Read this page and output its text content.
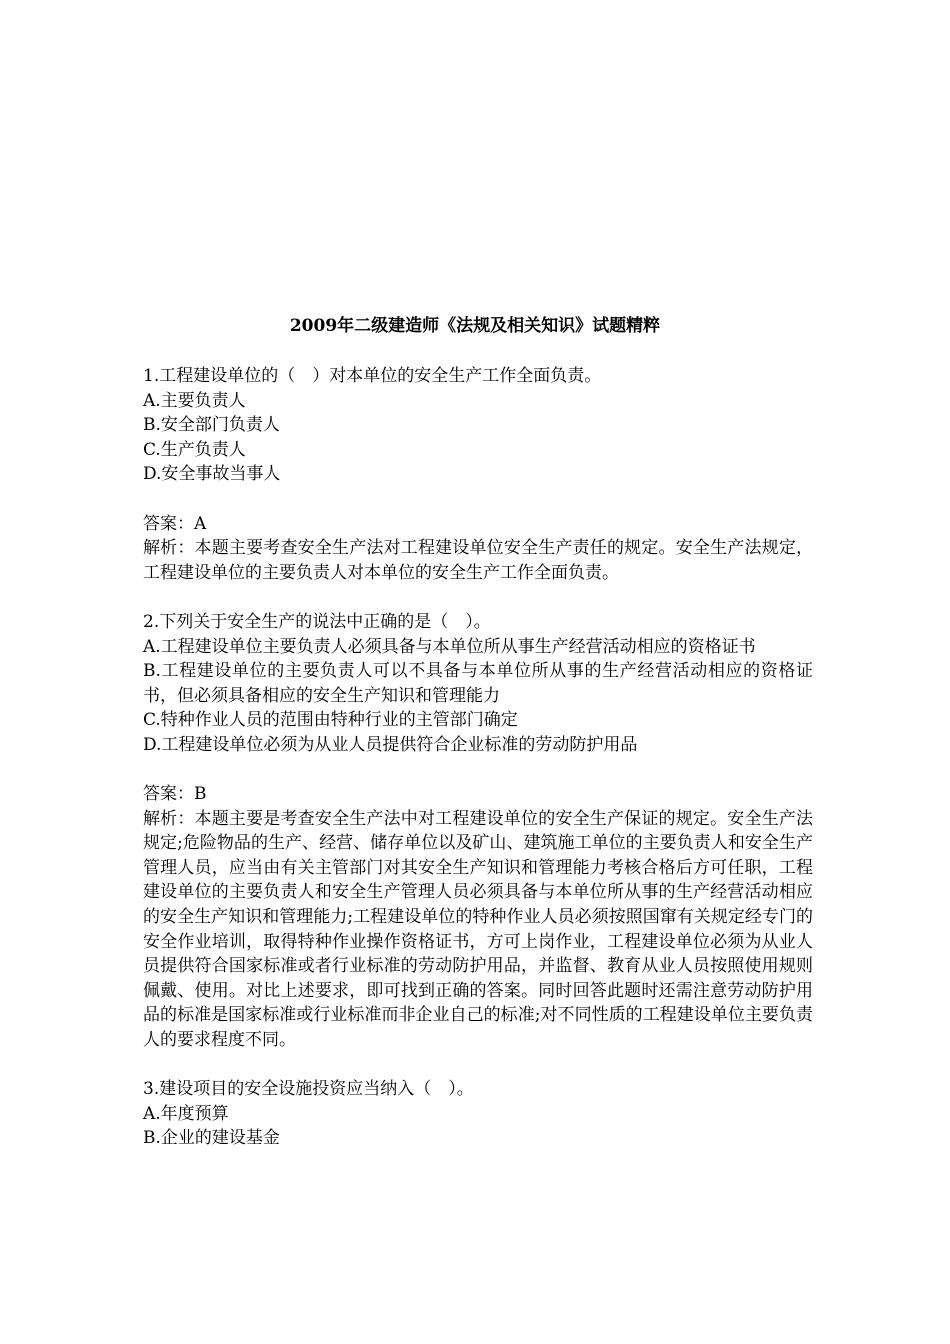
2009年二级建造师《法规及相关知识》试题精粹
1.工程建设单位的（　）对本单位的安全生产工作全面负责。
A.主要负责人
B.安全部门负责人
C.生产负责人
D.安全事故当事人
答案：A
解析：本题主要考查安全生产法对工程建设单位安全生产责任的规定。安全生产法规定，工程建设单位的主要负责人对本单位的安全生产工作全面负责。
2.下列关于安全生产的说法中正确的是（　）。
A.工程建设单位主要负责人必须具备与本单位所从事生产经营活动相应的资格证书
B.工程建设单位的主要负责人可以不具备与本单位所从事的生产经营活动相应的资格证书，但必须具备相应的安全生产知识和管理能力
C.特种作业人员的范围由特种行业的主管部门确定
D.工程建设单位必须为从业人员提供符合企业标准的劳动防护用品
答案：B
解析：本题主要是考查安全生产法中对工程建设单位的安全生产保证的规定。安全生产法规定;危险物品的生产、经营、储存单位以及矿山、建筑施工单位的主要负责人和安全生产管理人员，应当由有关主管部门对其安全生产知识和管理能力考核合格后方可任职，工程建设单位的主要负责人和安全生产管理人员必须具备与本单位所从事的生产经营活动相应的安全生产知识和管理能力;工程建设单位的特种作业人员必须按照国窜有关规定经专门的安全作业培训，取得特种作业操作资格证书，方可上岗作业，工程建设单位必须为从业人员提供符合国家标准或者行业标准的劳动防护用品，并监督、教育从业人员按照使用规则佩戴、使用。对比上述要求，即可找到正确的答案。同时回答此题时还需注意劳动防护用品的标准是国家标准或行业标准而非企业自己的标准;对不同性质的工程建设单位主要负责人的要求程度不同。
3.建设项目的安全设施投资应当纳入（　）。
A.年度预算
B.企业的建设基金
